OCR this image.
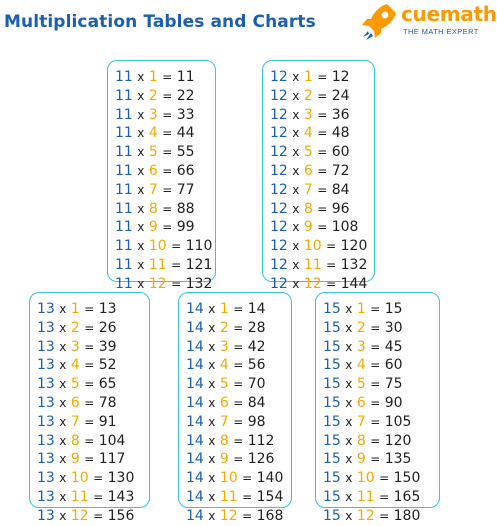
Multiplication Tables and Charts	cuemath
THE MATH EXPERT
11 x 1 = 11
11 x 2 = 22
11 x 3 = 33
11 x 4 = 44
11 x 5 = 55
11 x 6 = 66
11 x 7 = 77
11 x 8 = 88
11 x 9 = 99
11 x 10 = 110
11 x 11 = 121
11 x 12 = 132
12 x 1 = 12
12 x 2 = 24
12 x 3 = 36
12 x 4 = 48
12 x 5 = 60
12 x 6 = 72
12 x 7 = 84
12 x 8 = 96
12 x 9 = 108
12 x 10 = 120
12 x 11 = 132
12 x 12 = 144
13 x 1 = 13
13 x 2 = 26
13 x 3 = 39
13 x 4 = 52
13 x 5 = 65
13 x 6 = 78
13 x 7 = 91
13 x 8 = 104
13 x 9 = 117
13 x 10 = 130
13 x 11 = 143
13 x 12 = 156
14 x 1 = 14
14 x 2 = 28
14 x 3 = 42
14 x 4 = 56
14 x 5 = 70
14 x 6 = 84
14 x 7 = 98
14 x 8 = 112
14 x 9 = 126
14 x 10 = 140
14 x 11 = 154
14 x 12 = 168
15 x 1 = 15
15 x 2 = 30
15 x 3 = 45
15 x 4 = 60
15 x 5 = 75
15 x 6 = 90
15 x 7 = 105
15 x 8 = 120
15 x 9 = 135
15 x 10 = 150
15 x 11 = 165
15 x 12 = 180
